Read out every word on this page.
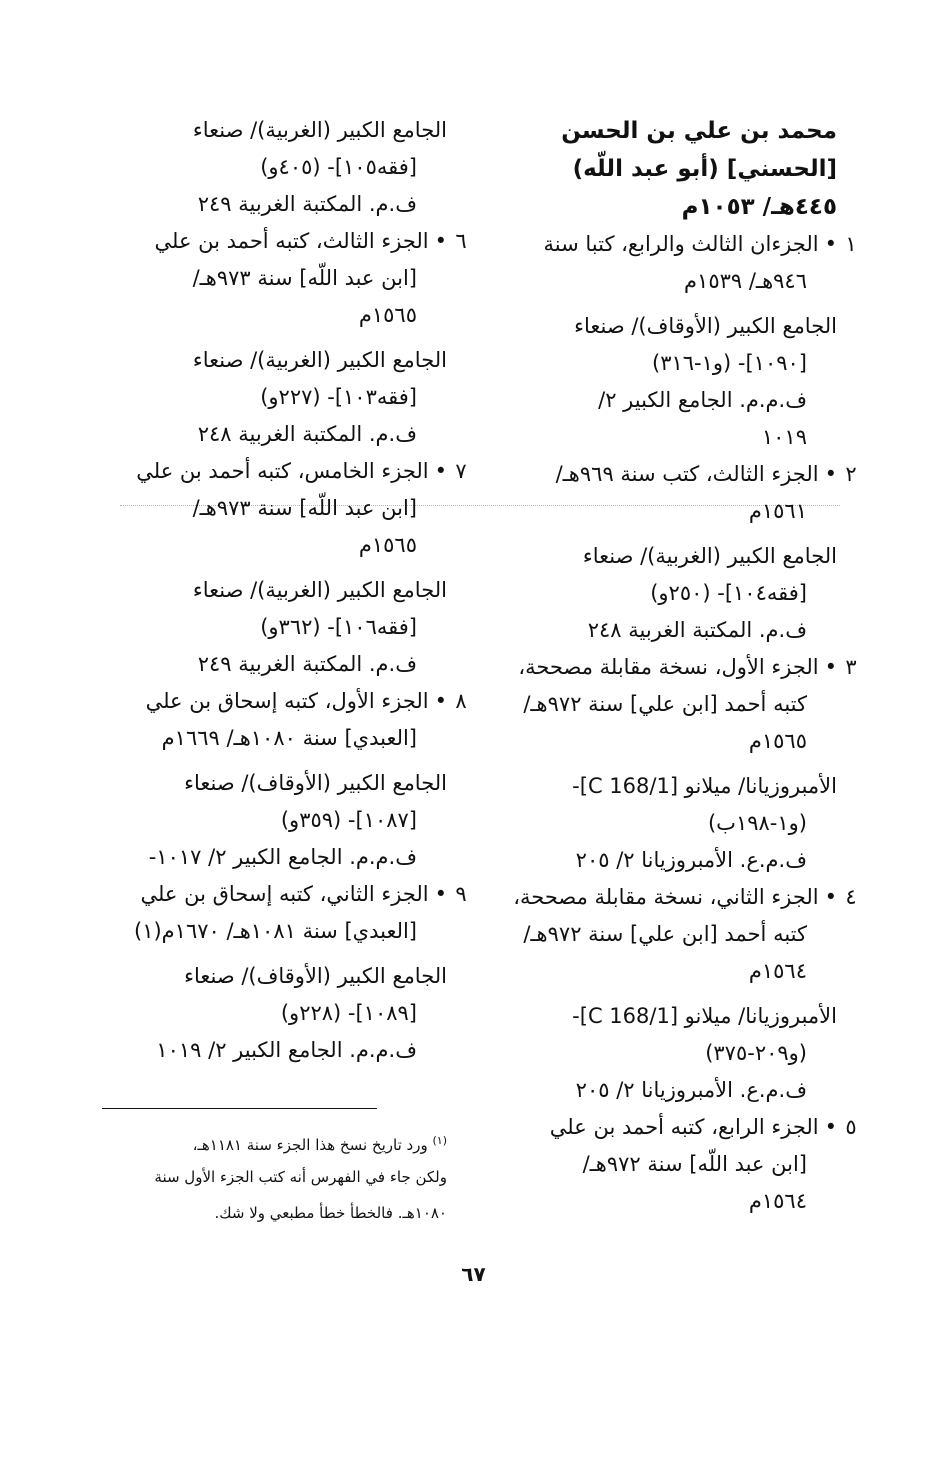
محمد بن علي بن الحسن
[الحسني] (أبو عبد اللّه)
٤٤٥هـ/ ١٠٥٣م
١
•الجزءان الثالث والرابع، كتبا سنة
٩٤٦هـ/ ١٥٣٩م
الجامع الكبير (الأوقاف)/ صنعاء
[١٠٩٠]- (و١-٣١٦)
ف.م.م. الجامع الكبير ٢/
١٠١٩
٢
•الجزء الثالث، كتب سنة ٩٦٩هـ/
١٥٦١م
الجامع الكبير (الغربية)/ صنعاء
[فقه١٠٤]- (٢٥٠و)
ف.م. المكتبة الغربية ٢٤٨
٣
•الجزء الأول، نسخة مقابلة مصححة،
كتبه أحمد [ابن علي] سنة ٩٧٢هـ/
١٥٦٥م
الأمبروزيانا/ ميلانو [C 168/1]-
(و١-١٩٨ب)
ف.م.ع. الأمبروزيانا ٢/ ٢٠٥
٤
•الجزء الثاني، نسخة مقابلة مصححة،
كتبه أحمد [ابن علي] سنة ٩٧٢هـ/
١٥٦٤م
الأمبروزيانا/ ميلانو [C 168/1]-
(و٢٠٩-٣٧٥)
ف.م.ع. الأمبروزيانا ٢/ ٢٠٥
٥
•الجزء الرابع، كتبه أحمد بن علي
[ابن عبد اللّه] سنة ٩٧٢هـ/
١٥٦٤م
الجامع الكبير (الغربية)/ صنعاء
[فقه١٠٥]- (٤٠٥و)
ف.م. المكتبة الغربية ٢٤٩
٦
•الجزء الثالث، كتبه أحمد بن علي
[ابن عبد اللّه] سنة ٩٧٣هـ/
١٥٦٥م
الجامع الكبير (الغربية)/ صنعاء
[فقه١٠٣]- (٢٢٧و)
ف.م. المكتبة الغربية ٢٤٨
٧
•الجزء الخامس، كتبه أحمد بن علي
[ابن عبد اللّه] سنة ٩٧٣هـ/
١٥٦٥م
الجامع الكبير (الغربية)/ صنعاء
[فقه١٠٦]- (٣٦٢و)
ف.م. المكتبة الغربية ٢٤٩
٨
•الجزء الأول، كتبه إسحاق بن علي
[العبدي] سنة ١٠٨٠هـ/ ١٦٦٩م
الجامع الكبير (الأوقاف)/ صنعاء
[١٠٨٧]- (٣٥٩و)
ف.م.م. الجامع الكبير ٢/ ١٠١٧-
٩
•الجزء الثاني، كتبه إسحاق بن علي
[العبدي] سنة ١٠٨١هـ/ ١٦٧٠م(١)
الجامع الكبير (الأوقاف)/ صنعاء
[١٠٨٩]- (٢٢٨و)
ف.م.م. الجامع الكبير ٢/ ١٠١٩
$^{(١)}$ ورد تاريخ نسخ هذا الجزء سنة ١١٨١هـ،
ولكن جاء في الفهرس أنه كتب الجزء الأول سنة
١٠٨٠هـ. فالخطأ خطأ مطبعي ولا شك.
٦٧
